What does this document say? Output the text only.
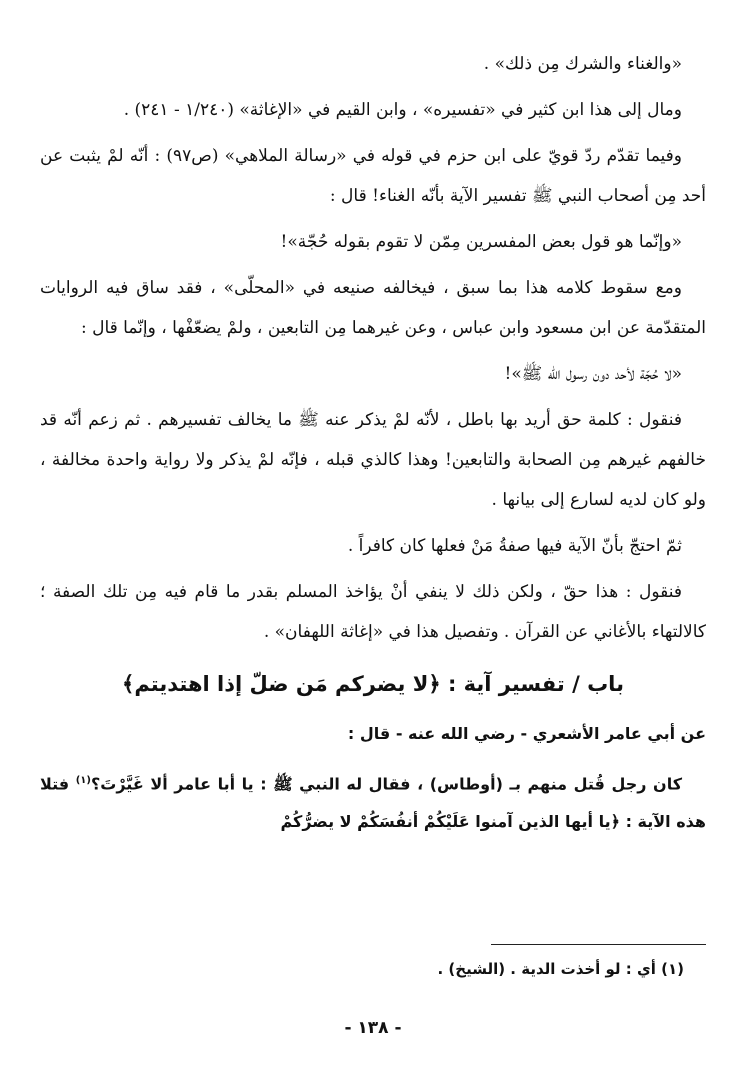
«والغناء والشرك مِن ذلك» .

ومال إلى هذا ابن كثير في «تفسيره» ، وابن القيم في «الإغاثة» (١/٢٤٠ - ٢٤١) .

وفيما تقدّم ردّ قويّ على ابن حزم في قوله في «رسالة الملاهي» (ص٩٧) : أنّه لمْ يثبت عن أحد مِن أصحاب النبي ﷺ تفسير الآية بأنّه الغناء! قال :

«وإنّما هو قول بعض المفسرين مِمّن لا تقوم بقوله حُجّة»!

ومع سقوط كلامه هذا بما سبق ، فيخالفه صنيعه في «المحلّى» ، فقد ساق فيه الروايات المتقدّمة عن ابن مسعود وابن عباس ، وعن غيرهما مِن التابعين ، ولمْ يضعّفْها ، وإنّما قال :

«لا حُجّة لأحد دون رسول الله ﷺ»!

فنقول : كلمة حق أريد بها باطل ، لأنّه لمْ يذكر عنه ﷺ ما يخالف تفسيرهم . ثم زعم أنّه قد خالفهم غيرهم مِن الصحابة والتابعين! وهذا كالذي قبله ، فإنّه لمْ يذكر ولا رواية واحدة مخالفة ، ولو كان لديه لسارع إلى بيانها .

ثمّ احتجّ بأنّ الآية فيها صفةُ مَنْ فعلها كان كافراً .

فنقول : هذا حقّ ، ولكن ذلك لا ينفي أنْ يؤاخذ المسلم بقدر ما قام فيه مِن تلك الصفة ؛ كالالتهاء بالأغاني عن القرآن . وتفصيل هذا في «إغاثة اللهفان» .

باب / تفسير آية : ﴿لا يضركم مَن ضلّ إذا اهتديتم﴾

عن أبي عامر الأشعري - رضي الله عنه - قال :

كان رجل قُتل منهم بـ (أوطاس) ، فقال له النبي ﷺ : يا أبا عامر ألا غَيَّرْتَ؟$^{(١)}$ فتلا هذه الآية : ﴿يا أيها الذين آمنوا عَلَيْكُمْ أنفُسَكُمْ لا يضرُّكُمْ

(١) أي : لو أخذت الدية . (الشيخ) .
- ١٣٨ -
